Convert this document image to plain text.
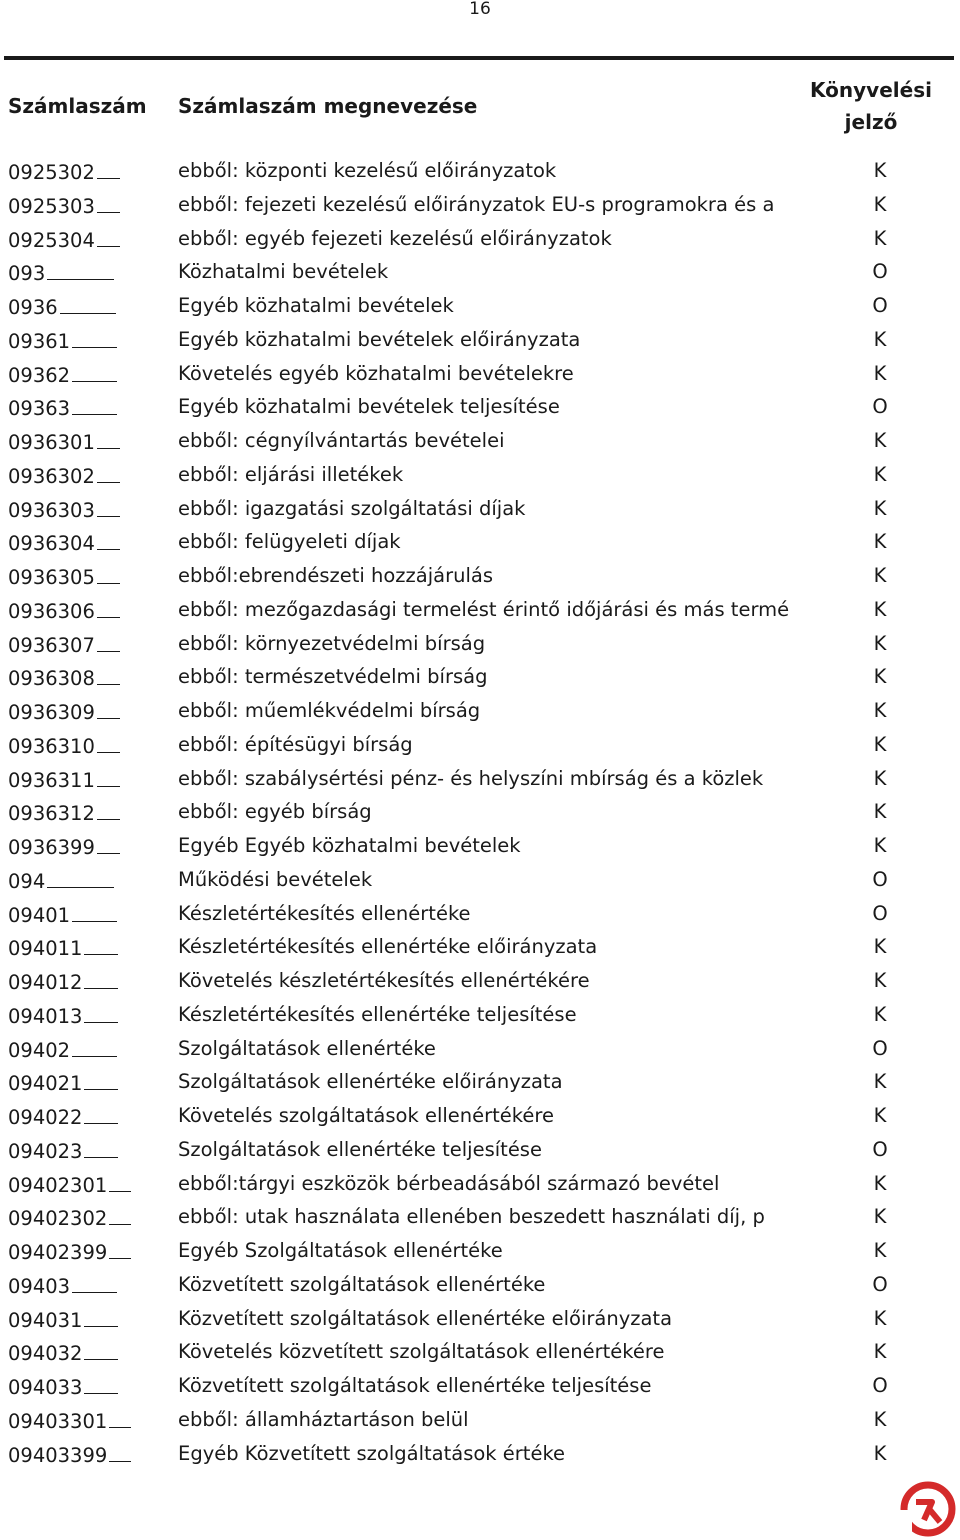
16
Számlaszám Számlaszám megnevezése
Könyvelési
jelző
0925302	ebből: központi kezelésű előirányzatok	K
0925303	ebből: fejezeti kezelésű előirányzatok EU-s programokra és a	K
0925304	ebből: egyéb fejezeti kezelésű előirányzatok	K
093	Közhatalmi bevételek	O
0936	Egyéb közhatalmi bevételek	O
09361	Egyéb közhatalmi bevételek előirányzata	K
09362	Követelés egyéb közhatalmi bevételekre	K
09363	Egyéb közhatalmi bevételek teljesítése	O
0936301	ebből: cégnyílvántartás bevételei	K
0936302	ebből: eljárási illetékek	K
0936303	ebből: igazgatási szolgáltatási díjak	K
0936304	ebből: felügyeleti díjak	K
0936305	ebből:ebrendészeti hozzájárulás	K
0936306	ebből: mezőgazdasági termelést érintő időjárási és más termé	K
0936307	ebből: környezetvédelmi bírság	K
0936308	ebből: természetvédelmi bírság	K
0936309	ebből: műemlékvédelmi bírság	K
0936310	ebből: építésügyi bírság	K
0936311	ebből: szabálysértési pénz- és helyszíni mbírság és a közlek	K
0936312	ebből: egyéb bírság	K
0936399	Egyéb Egyéb közhatalmi bevételek	K
094	Működési bevételek	O
09401	Készletértékesítés ellenértéke	O
094011	Készletértékesítés ellenértéke előirányzata	K
094012	Követelés készletértékesítés ellenértékére	K
094013	Készletértékesítés ellenértéke teljesítése	K
09402	Szolgáltatások ellenértéke	O
094021	Szolgáltatások ellenértéke előirányzata	K
094022	Követelés szolgáltatások ellenértékére	K
094023	Szolgáltatások ellenértéke teljesítése	O
09402301	ebből:tárgyi eszközök bérbeadásából származó bevétel	K
09402302	ebből: utak használata ellenében beszedett használati díj, p	K
09402399	Egyéb Szolgáltatások ellenértéke	K
09403	Közvetített szolgáltatások ellenértéke	O
094031	Közvetített szolgáltatások ellenértéke előirányzata	K
094032	Követelés közvetített szolgáltatások ellenértékére	K
094033	Közvetített szolgáltatások ellenértéke teljesítése	O
09403301	ebből: államháztartáson belül	K
09403399	Egyéb Közvetített szolgáltatások értéke	K
